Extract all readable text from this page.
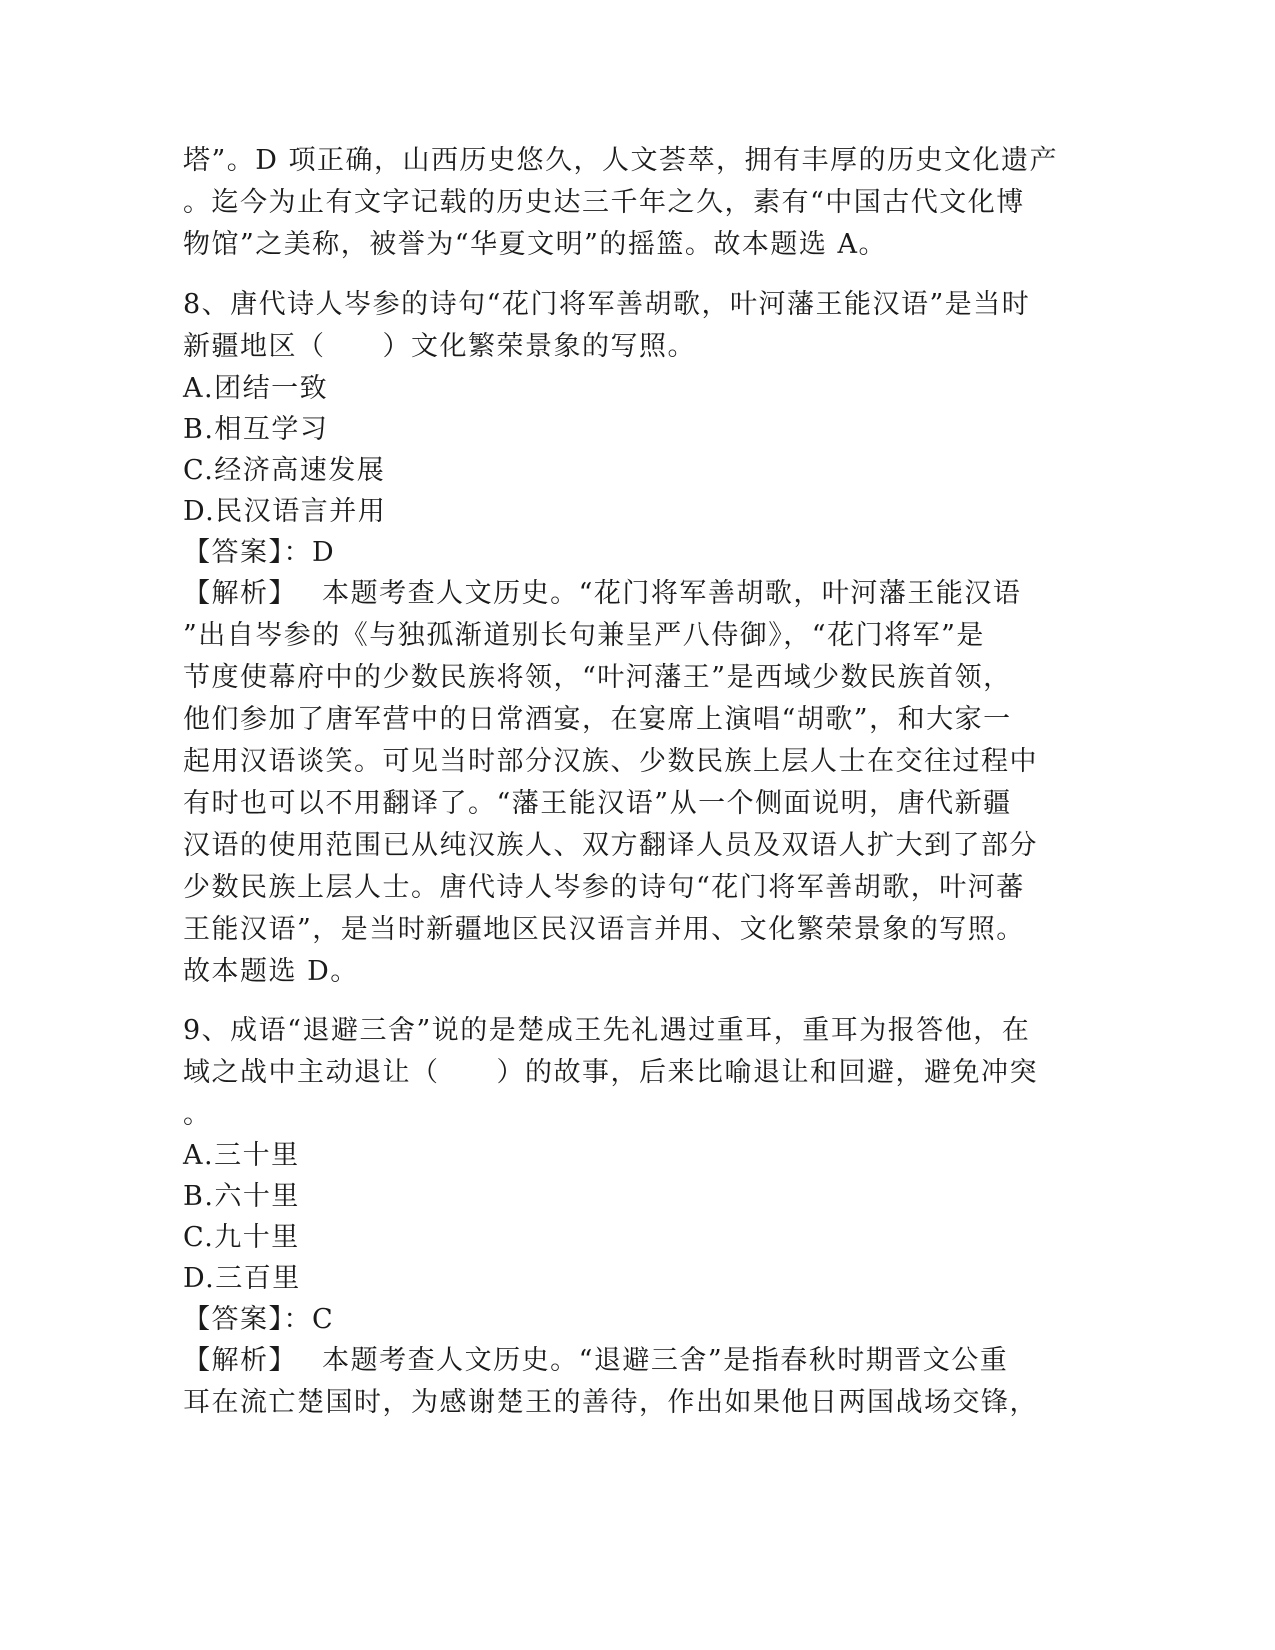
塔”。D 项正确，山西历史悠久，人文荟萃，拥有丰厚的历史文化遗产
。迄今为止有文字记载的历史达三千年之久，素有“中国古代文化博
物馆”之美称，被誉为“华夏文明”的摇篮。故本题选 A。
8、唐代诗人岑参的诗句“花门将军善胡歌，叶河藩王能汉语”是当时
新疆地区（　　）文化繁荣景象的写照。
A.团结一致
B.相互学习
C.经济高速发展
D.民汉语言并用
【答案】：D
【解析】　 本题考查人文历史。“花门将军善胡歌，叶河藩王能汉语
”出自岑参的《与独孤渐道别长句兼呈严八侍御》，“花门将军”是
节度使幕府中的少数民族将领，“叶河藩王”是西域少数民族首领，
他们参加了唐军营中的日常酒宴，在宴席上演唱“胡歌”，和大家一
起用汉语谈笑。可见当时部分汉族、少数民族上层人士在交往过程中
有时也可以不用翻译了。“藩王能汉语”从一个侧面说明，唐代新疆
汉语的使用范围已从纯汉族人、双方翻译人员及双语人扩大到了部分
少数民族上层人士。唐代诗人岑参的诗句“花门将军善胡歌，叶河蕃
王能汉语”，是当时新疆地区民汉语言并用、文化繁荣景象的写照。
故本题选 D。
9、成语“退避三舍”说的是楚成王先礼遇过重耳，重耳为报答他，在
域之战中主动退让（　　）的故事，后来比喻退让和回避，避免冲突
。
A.三十里
B.六十里
C.九十里
D.三百里
【答案】：C
【解析】　 本题考查人文历史。“退避三舍”是指春秋时期晋文公重
耳在流亡楚国时，为感谢楚王的善待，作出如果他日两国战场交锋，
